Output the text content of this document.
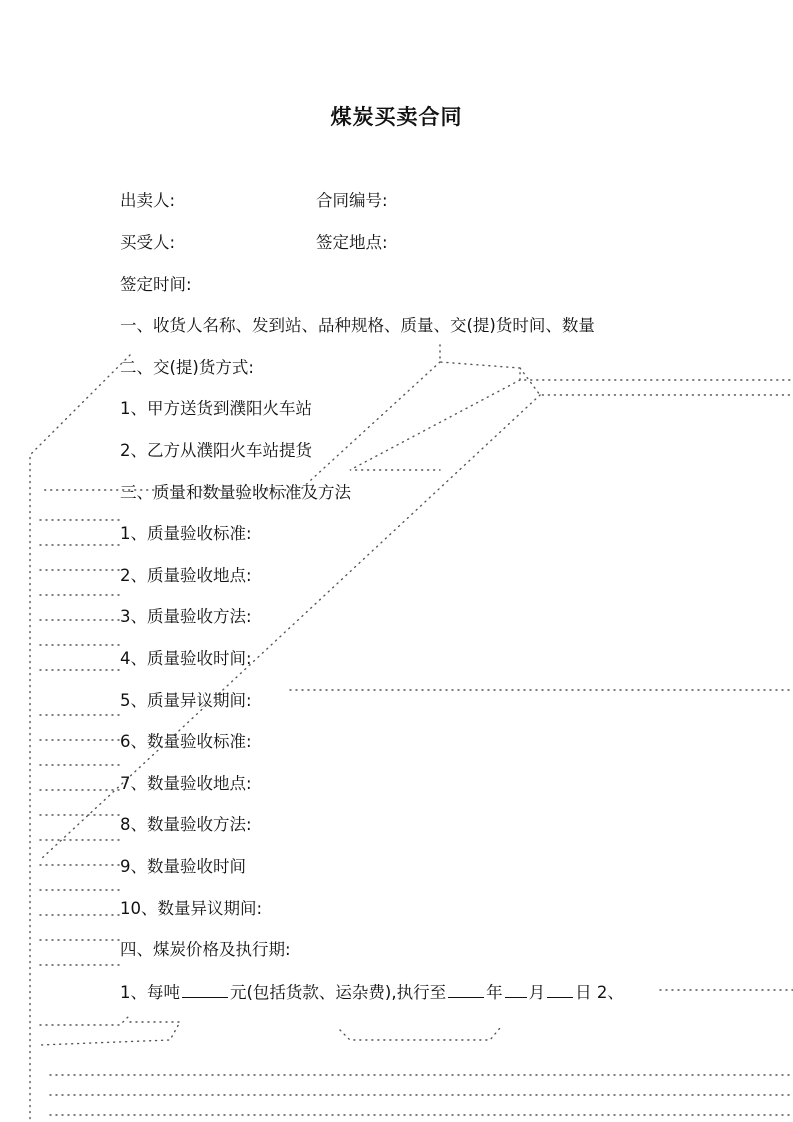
煤炭买卖合同
出卖人:	合同编号:
买受人:	签定地点:
签定时间:
一、收货人名称、发到站、品种规格、质量、交(提)货时间、数量
二、交(提)货方式:
1、甲方送货到濮阳火车站
2、乙方从濮阳火车站提货
三、质量和数量验收标准及方法
1、质量验收标准:
2、质量验收地点:
3、质量验收方法:
4、质量验收时间:
5、质量异议期间:
6、数量验收标准:
7、数量验收地点:
8、数量验收方法:
9、数量验收时间
10、数量异议期间:
四、煤炭价格及执行期:
1、每吨	元(包括货款、运杂费),执行至 年 月 日 2、
